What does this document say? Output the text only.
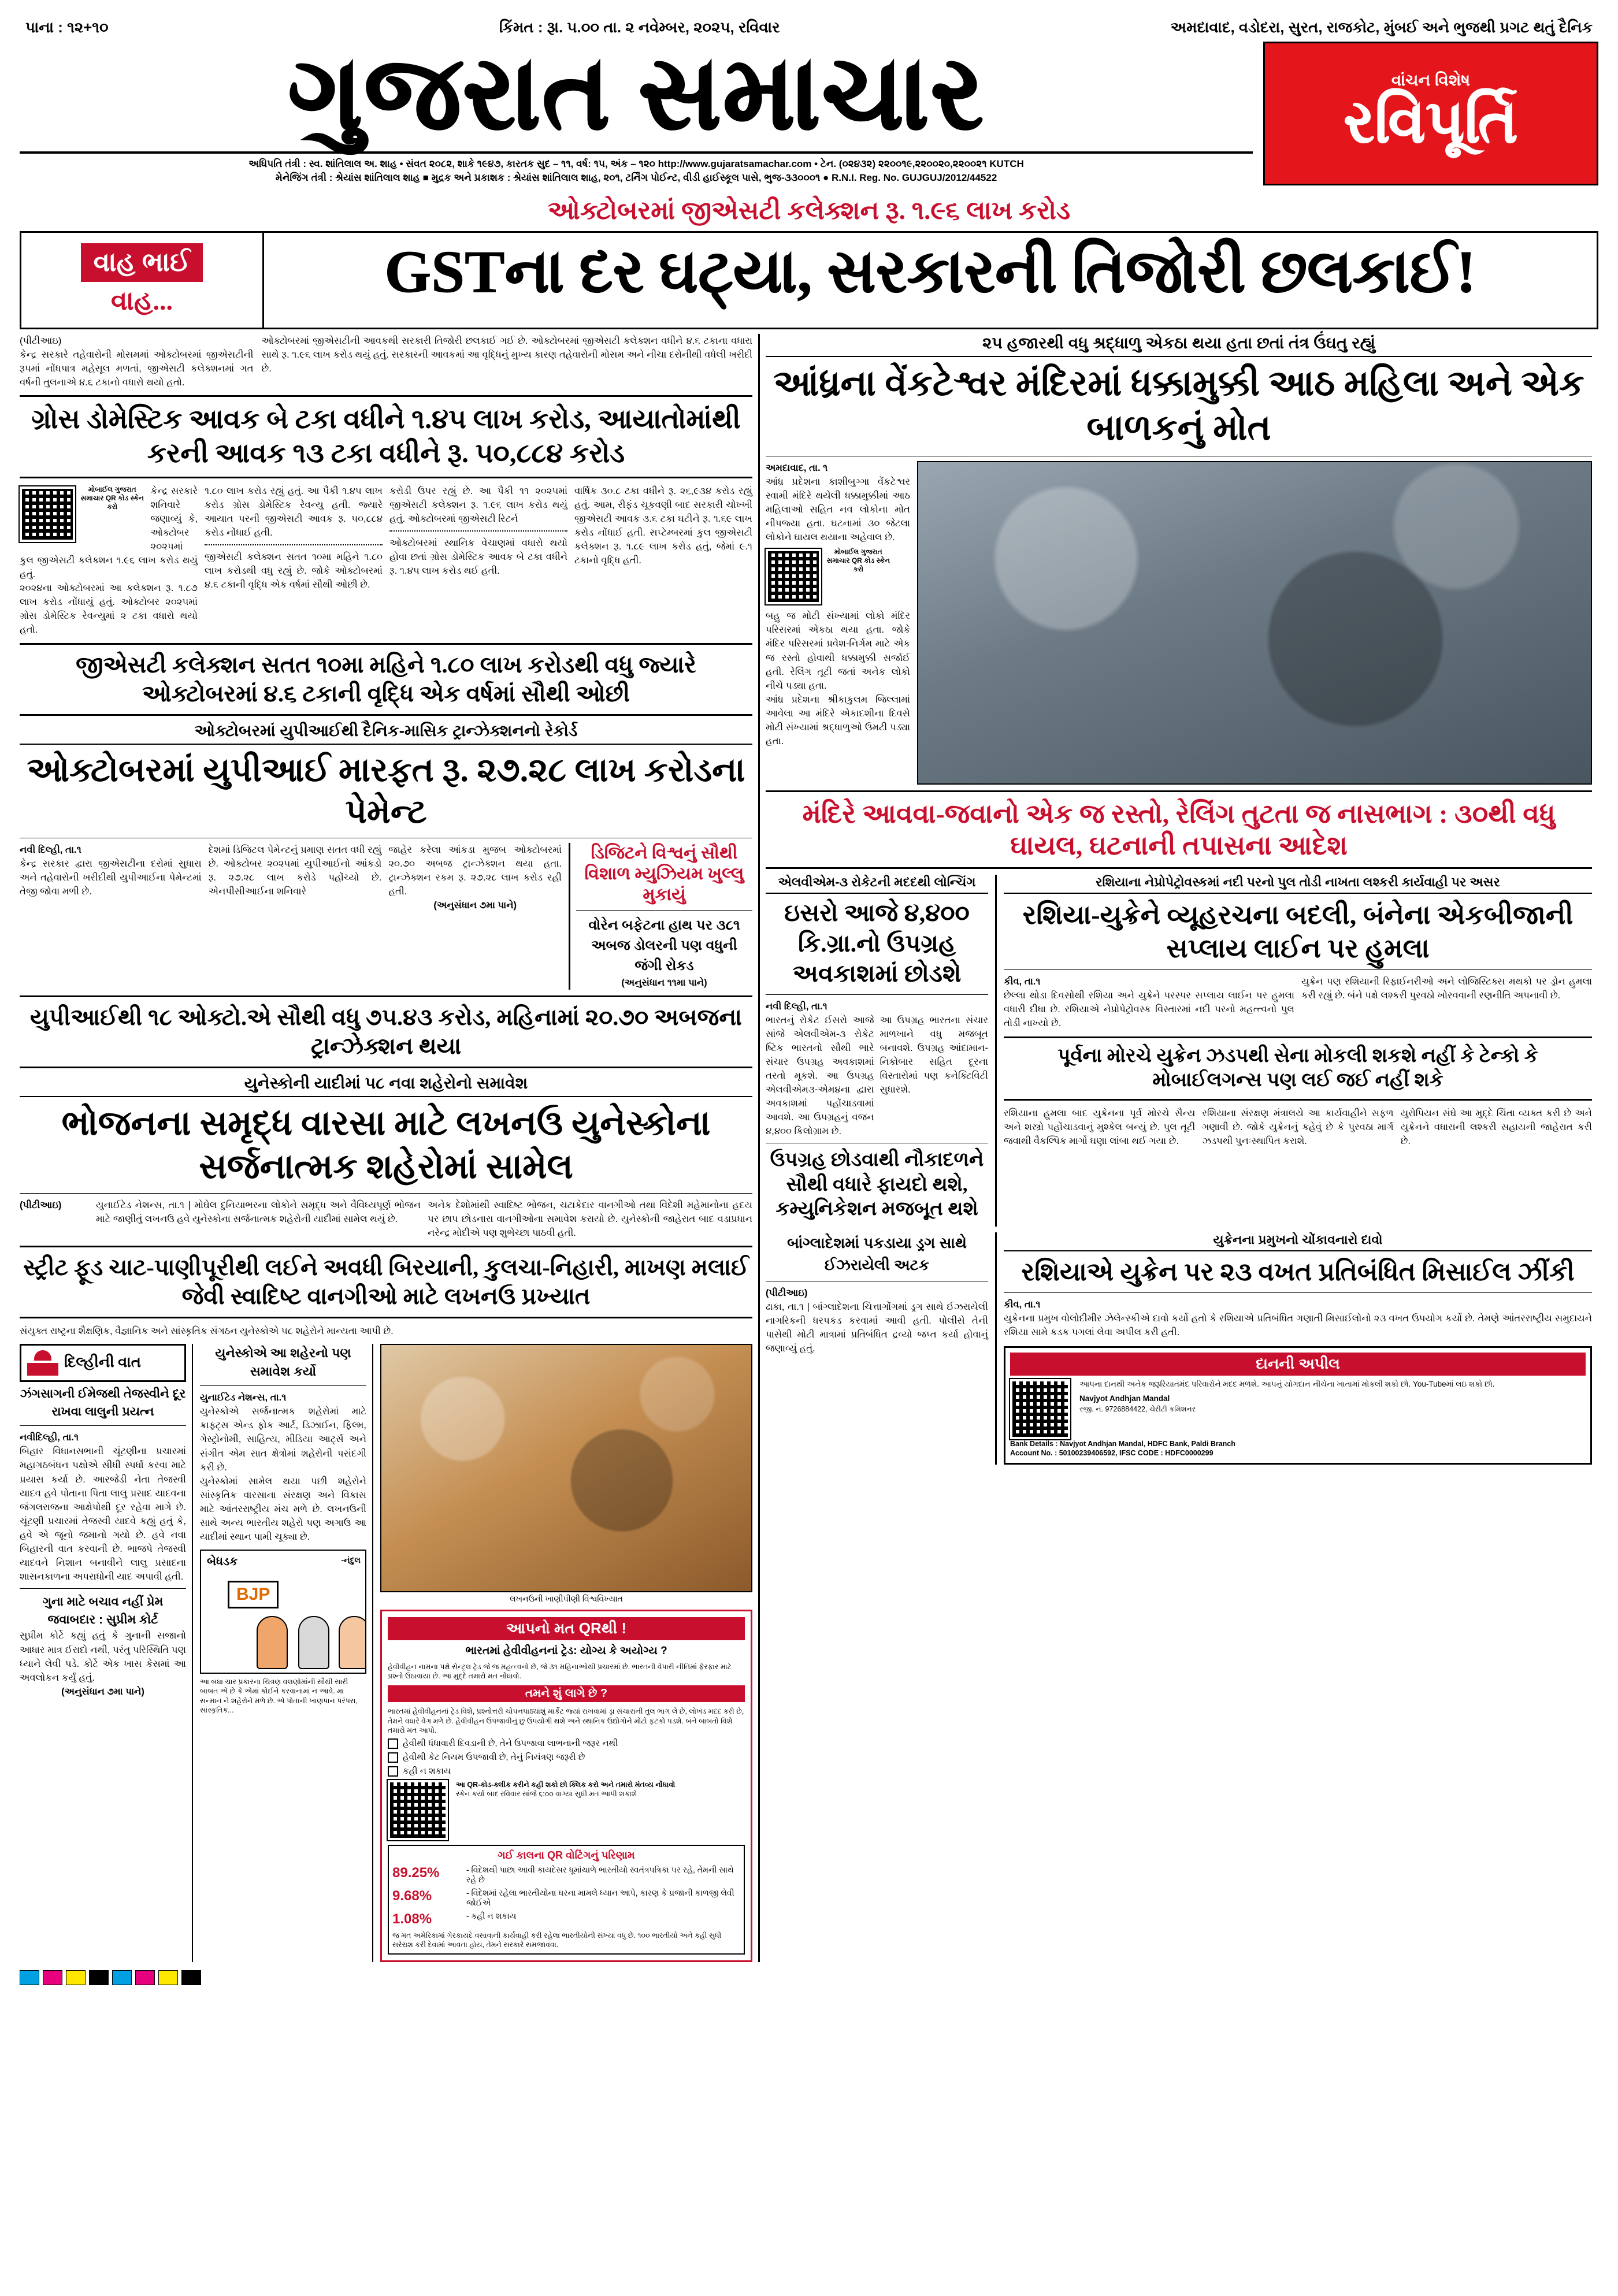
પાના : ૧૨+૧૦	કિંમત : રૂા. ૫.૦૦ તા. ૨ નવેમ્બર, ૨૦૨૫, રવિવાર	અમદાવાદ, વડોદરા, સુરત, રાજકોટ, મુંબઈ અને ભુજથી પ્રગટ થતું દૈનિક
ગુજરાત સમાચાર
અધિપતિ તંત્રી : સ્વ. શાંતિલાલ અ. શાહ • સંવત ૨૦૮૨, શાકે ૧૯૪૭, કારતક સુદ – ૧૧, વર્ષ: ૧૫, અંક – ૧૨૦ http://www.gujaratsamachar.com • ટેન. (૦૨૪૩૨) ૨૨૦૦૧૯,૨૨૦૦૨૦,૨૨૦૦૨૧ KUTCH
મેનેજિંગ તંત્રી : શ્રેયાંસ શાંતિલાલ શાહ ■ મુદ્રક અને પ્રકાશક : શ્રેયાંસ શાંતિલાલ શાહ, ૨૦૧, ટર્નિંગ પોઈન્ટ, વીડી હાઈસ્કૂલ પાસે, ભુજ-૩૩૦૦૦૧ ● R.N.I. Reg. No. GUJGUJ/2012/44522
વાંચન વિશેષ
રવિપૂર્તિ
ઓક્ટોબરમાં જીએસટી કલેક્શન રૂ. ૧.૯૬ લાખ કરોડ
વાહ ભાઈ
વાહ...	GSTના દર ઘટ્યા, સરકારની તિજોરી છલકાઈ!
(પીટીઆઇ)
કેન્દ્ર સરકારે તહેવારોની મોસમમાં ઓક્ટોબરમાં જીએસટીની રૂપમાં નોંધપાત્ર મહેસૂલ મળતાં, જીએસટી કલેક્શનમાં ગત વર્ષની તુલનાએ ૪.૬ ટકાનો વધારો થયો હતો.
ઓક્ટોબરમાં જીએસટીની આવકથી સરકારી તિજોરી છલકાઈ ગઈ છે. ઓક્ટોબરમાં જીએસટી કલેક્શન વધીને ૪.૬ ટકાના વધારા સાથે રૂ. ૧.૯૬ લાખ કરોડ થયું હતું. સરકારની આવકમાં આ વૃદ્ધિનું મુખ્ય કારણ તહેવારોની મોસમ અને નીચા દરોનીથી વધેલી ખરીદી છે.
ગ્રોસ ડોમેસ્ટિક આવક બે ટકા વધીને ૧.૪૫ લાખ કરોડ, આયાતોમાંથી કરની આવક ૧૩ ટકા વધીને રૂ. ૫૦,૮૮૪ કરોડ
મોબાઈલ ગુજરાત સમાચાર QR કોડ સ્કેન કરો
કેન્દ્ર સરકારે શનિવારે જણાવ્યું કે, ઓક્ટોબર ૨૦૨૫માં કુલ જીએસટી કલેક્શન ૧.૯૬ લાખ કરોડ થયું હતું.
૨૦૨૪ના ઓક્ટોબરમાં આ કલેક્શન રૂ. ૧.૮૭ લાખ કરોડ નોંધાયું હતું. ઓક્ટોબર ૨૦૨૫માં ગ્રોસ ડોમેસ્ટિક રેવન્યુમાં ૨ ટકા વધારો થયો હતો.
૧.૮૦ લાખ કરોડ રહ્યું હતું. આ પૈકી ૧.૪૫ લાખ કરોડ ગ્રોસ ડોમેસ્ટિક રેવન્યુ હતી. જ્યારે આયાત પરની જીએસટી આવક રૂ. ૫૦,૮૮૪ કરોડ નોંધાઈ હતી.
જીએસટી કલેક્શન સતત ૧૦મા મહિને ૧.૮૦ લાખ કરોડથી વધુ રહ્યું છે. જોકે ઓક્ટોબરમાં ૪.૬ ટકાની વૃદ્ધિ એક વર્ષમાં સૌથી ઓછી છે.
કરોડી ઉપર રહ્યું છે. આ પૈકી ૧૧ ૨૦૨૫માં જીએસટી કલેક્શન રૂ. ૧.૯૬ લાખ કરોડ થયું હતું. ઓક્ટોબરમાં જીએસટી રિટર્ન
ઓક્ટોબરમાં સ્થાનિક વેચાણમાં વધારો થયો હોવા છતાં ગ્રોસ ડોમેસ્ટિક આવક બે ટકા વધીને રૂ. ૧.૪૫ લાખ કરોડ થઈ હતી.
વાર્ષિક ૩૦.૮ ટકા વધીને રૂ. ૨૬,૯૩૪ કરોડ રહ્યું હતું. આમ, રીફંડ ચૂકવણી બાદ સરકારી ચોખ્ખી જીએસટી આવક ૩.૬ ટકા ઘટીને રૂ. ૧.૬૯ લાખ કરોડ નોંધાઈ હતી. સપ્ટેમ્બરમાં કુલ જીએસટી કલેક્શન રૂ. ૧.૮૯ લાખ કરોડ હતું, જેમાં ૯.૧ ટકાનો વૃદ્ધિ હતી.
જીએસટી કલેક્શન સતત ૧૦મા મહિને ૧.૮૦ લાખ કરોડથી વધુ જ્યારે ઓક્ટોબરમાં ૪.૬ ટકાની વૃદ્ધિ એક વર્ષમાં સૌથી ઓછી
ઓક્ટોબરમાં યુપીઆઈથી દૈનિક-માસિક ટ્રાન્ઝેક્શનનો રેકોર્ડ
ઓક્ટોબરમાં યુપીઆઈ મારફત રૂ. ૨૭.૨૮ લાખ કરોડના પેમેન્ટ
નવી દિલ્હી, તા.૧
કેન્દ્ર સરકાર દ્વારા જીએસટીના દરોમાં સુધારા અને તહેવારોની ખરીદીથી યુપીઆઈના પેમેન્ટમાં તેજી જોવા મળી છે.
દેશમાં ડિજિટલ પેમેન્ટનું પ્રમાણ સતત વધી રહ્યું છે. ઓક્ટોબર ૨૦૨૫માં યુપીઆઈનો આંકડો રૂ. ૨૭.૨૮ લાખ કરોડે પહોંચ્યો છે. એનપીસીઆઈના શનિવારે
જાહેર કરેલા આંકડા મુજબ ઓક્ટોબરમાં ૨૦.૭૦ અબજ ટ્રાન્ઝેક્શન થયા હતા. ટ્રાન્ઝેક્શન રકમ રૂ. ૨૭.૨૮ લાખ કરોડ રહી હતી.
(અનુસંધાન ૭મા પાને)
ડિજિટને વિશ્વનું સૌથી વિશાળ મ્યુઝિયમ ખુલ્લુ મુકાયું
વોરેન બફેટના હાથ પર ૩૮૧ અબજ ડોલરની પણ વધુની જંગી રોકડ
(અનુસંધાન ૧૧મા પાને)
યુપીઆઈથી ૧૮ ઓક્ટો.એ સૌથી વધુ ૭૫.૪૩ કરોડ, મહિનામાં ૨૦.૭૦ અબજના ટ્રાન્ઝેક્શન થયા
યુનેસ્કોની યાદીમાં ૫૮ નવા શહેરોનો સમાવેશ
ભોજનના સમૃદ્ધ વારસા માટે લખનઉ યુનેસ્કોના સર્જનાત્મક શહેરોમાં સામેલ
(પીટીઆઇ)	યુનાઈટેડ નેશન્સ, તા.૧ | મોઘેલ દુનિયાભરના લોકોને સમૃદ્ધ અને વૈવિધ્યપૂર્ણ ભોજન માટે જાણીતું લખનઉ હવે યુનેસ્કોના સર્જનાત્મક શહેરોની યાદીમાં સામેલ થયું છે.
અનેક દેશોમાંથી સ્વાદિષ્ટ ભોજન, ચટાકેદાર વાનગીઓ તથા વિદેશી મહેમાનોના હદય પર છાપ છોડનારા વાનગીઓના સમાવેશ કરાયો છે. યુનેસ્કોની જાહેરાત બાદ વડાપ્રધાન નરેન્દ્ર મોદીએ પણ શુભેચ્છા પાઠવી હતી.
સ્ટ્રીટ ફૂડ ચાટ-પાણીપૂરીથી લઈને અવધી બિરયાની, કુલચા-નિહારી, માખણ મલાઈ જેવી સ્વાદિષ્ટ વાનગીઓ માટે લખનઉ પ્રખ્યાત
સંયુક્ત રાષ્ટ્રના શૈક્ષણિક, વૈજ્ઞાનિક અને સાંસ્કૃતિક સંગઠન યુનેસ્કોએ ૫૮ શહેરોને માન્યતા આપી છે.
દિલ્હીની વાત
ઝંગસાગની ઈમેજથી તેજસ્વીને દૂર રાખવા લાલુની પ્રયત્ન
નવીદિલ્હી, તા.૧
બિહાર વિધાનસભાની ચૂંટણીના પ્રચારમાં મહાગઠબંધન પક્ષોએ સીધી સ્પર્ધા કરવા માટે પ્રયાસ કર્યા છે. આરજેડી નેતા તેજસ્વી યાદવ હવે પોતાના પિતા લાલુ પ્રસાદ યાદવના જંગલરાજના આક્ષેપોથી દૂર રહેવા માગે છે. ચૂંટણી પ્રચારમાં તેજસ્વી યાદવે કહ્યું હતું કે, હવે એ જૂનો જમાનો ગયો છે. હવે નવા બિહારની વાત કરવાની છે. ભાજપે તેજસ્વી યાદવને નિશાન બનાવીને લાલુ પ્રસાદના શાસનકાળના અપરાધોની યાદ અપાવી હતી.
ગુના માટે બચાવ નહીં પ્રેમ જવાબદાર : સુપ્રીમ કોર્ટ
સુપ્રીમ કોર્ટે કહ્યું હતું કે ગુનાની સજાનો આધાર માત્ર ઈરાદો નથી, પરંતુ પરિસ્થિતિ પણ ધ્યાને લેવી પડે. કોર્ટે એક ખાસ કેસમાં આ અવલોકન કર્યું હતું.
(અનુસંધાન ૭મા પાને)
યુનેસ્કોએ આ શહેરનો પણ સમાવેશ કર્યો
યુનાઈટેડ નેશન્સ, તા.૧
યુનેસ્કોએ સર્જનાત્મક શહેરોમાં માટે ક્રાફ્ટ્સ એન્ડ ફોક આર્ટ, ડિઝાઈન, ફિલ્મ, ગેસ્ટ્રોનોમી, સાહિત્ય, મીડિયા આર્ટ્સ અને સંગીત એમ સાત ક્ષેત્રોમાં શહેરોની પસંદગી કરી છે.
યુનેસ્કોમાં સામેલ થયા પછી શહેરોને સાંસ્કૃતિક વારસાના સંરક્ષણ અને વિકાસ માટે આંતરરાષ્ટ્રીય મંચ મળે છે. લખનઉની સાથે અન્ય ભારતીય શહેરો પણ અગાઉ આ યાદીમાં સ્થાન પામી ચૂક્યા છે.
બેધડક	-નંદુલ
BJP
આ બધા ચાર પ્રકારના ચિત્રણ વલણોમાંની સૌથી સારી બાબત એ છે કે એમાં કોઈને કરવાનામાં ન આવે. મા સન્માન ને શહેરોને મળે છે. એ પોતાની ખાણપાન પરંપરા, સાંસ્કૃતિક...
લખનઉની ખાણીપીણી વિશ્વવિખ્યાત
આપનો મત QRથી !
ભારતમાં હેવીવીહનનાં ટ્રેડ: યોગ્ય કે અયોગ્ય ?
હેવીવીહન નામના પક્ષે સેન્ટ્રલ ટ્રેડ જે જ મહત્ત્વનો છે, જે ૩૧ મહિનાઓથી પ્રચારમાં છે. ભારતની વેપારી નીતિમાં ફેરફાર માટે પ્રશ્નો ઉઠાવાયા છે. આ મુદ્દે તમારો મત નોંધાવો.
તમને શું લાગે છે ?
ભારતમાં હેવીવીહનનાં ટ્રેડ વિશે, પ્રશ્નોત્તરી ચોપનપાઠ્યાંશું માર્કેટ જ્યાં રાખવામાં ડ્રા સંચારાની તુલ ભાગ લે છે, લોખંડ મદદ કરી છે, તેમને વધારે વેગ મળે છે. હેવીવીહન ઉપજાવીનું છું ઉપયોગી થશે અને સ્થાનિક ઉદ્યોગોને મોટો ફટકો પડશે. બંને બાબતો વિશે તમારો મત આપો.
હેવીથી ધંધાવારી દિવડાની છે, તેને ઉપજાવા લાભનાની જરૂર નથી
હેવીથી કેટ નિયમ ઉપજાવી છે, તેનું નિયંત્રણ જરૂરી છે
કહી ન શકાય
આ QR-કોડ-ક્લીક કરીને કહી શકો છો ક્લિક કરો અને તમારો મંતવ્ય નોંધાવો
સ્કેન કર્યા બાદ રવિવાર સાંજે ૬:૦૦ વાગ્યા સુધી મત આપી શકાશે
ગઈ કાલના QR વોટિંગનું પરિણામ
89.25%	- વિદેશથી પાછા આવી કાયદેસર ધૂમાંચાળે ભારતીયો સ્વતંત્રપત્રિકા પર રહે, તેમની સાથે રહે છે
9.68%	- વિદેશમાં રહેલા ભારતીયોના ઘરના મામલે ધ્યાન આપે, કારણ કે પ્રજાની કાળજી લેવી જોઈએ
1.08%	- કહી ન શકાય
જ મત અમેરિકામાં ગેરકાયદે વસાવાની કાર્યવાહી કરી રહેલા ભારતીયોની સંખ્યા વધુ છે. ૧૦૦ ભારતીયો અને કહી સુધી સરેરાશ કરી દેવામાં આવતા હોય, તેમને સરકારે સમજાવવા.
૨૫ હજારથી વધુ શ્રદ્ધાળુ એકઠા થયા હતા છતાં તંત્ર ઉંઘતુ રહ્યું
આંધ્રના વેંકટેશ્વર મંદિરમાં ધક્કામુક્કી આઠ મહિલા અને એક બાળકનું મોત
અમદાવાદ, તા. ૧
આંધ્ર પ્રદેશના કાશીબુગ્ગા વેંકટેશ્વર સ્વામી મંદિરે થયેલી ધક્કામુક્કીમાં આઠ મહિલાઓ સહિત નવ લોકોના મોત નીપજ્યા હતા. ઘટનામાં ૩૦ જેટલા લોકોને ઘાયલ થયાના અહેવાલ છે.
મોબાઈલ ગુજરાત સમાચાર QR કોડ સ્કેન કરો
બહુ જ મોટી સંખ્યામાં લોકો મંદિર પરિસરમાં એકઠા થયા હતા. જોકે મંદિર પરિસરમાં પ્રવેશ-નિર્ગમ માટે એક જ રસ્તો હોવાથી ધક્કામુક્કી સર્જાઈ હતી. રેલિંગ તૂટી જતાં અનેક લોકો નીચે પડ્યા હતા.
આંધ્ર પ્રદેશના શ્રીકાકુલમ જિલ્લામાં આવેલા આ મંદિરે એકાદશીના દિવસે મોટી સંખ્યામાં શ્રદ્ધાળુઓ ઉમટી પડ્યા હતા.
મંદિરે આવવા-જવાનો એક જ રસ્તો, રેલિંગ તુટતા જ નાસભાગ : ૩૦થી વધુ ઘાયલ, ઘટનાની તપાસના આદેશ
એલવીએમ-૩ રોકેટની મદદથી લોન્ચિંગ
ઇસરો આજે ૪,૪૦૦ કિ.ગ્રા.નો ઉપગ્રહ અવકાશમાં છોડશે
નવી દિલ્હી, તા.૧
ભારતનું રોકેટ ઈસરો આજે સાંજે એલવીએમ-૩ રોકેટ ષ્ટિક ભારતનો સૌથી ભારે સંચાર ઉપગ્રહ અવકાશમાં તરતો મૂકશે. આ ઉપગ્રહ એલવીએમ૩-એમ૪ના દ્વારા અવકાશમાં પહોંચાડવામાં આવશે. આ ઉપગ્રહનું વજન ૪,૪૦૦ કિલોગ્રામ છે.
આ ઉપગ્રહ ભારતના સંચાર માળખાને વધુ મજબૂત બનાવશે. ઉપગ્રહ આંદામાન-નિકોબાર સહિત દૂરના વિસ્તારોમાં પણ કનેક્ટિવિટી સુધારશે.
ઉપગ્રહ છોડવાથી નૌકાદળને સૌથી વધારે ફાયદો થશે, કમ્યુનિકેશન મજબૂત થશે
રશિયાના નેપ્રોપેટ્રોવસ્કમાં નદી પરનો પુલ તોડી નાખતા લશ્કરી કાર્યવાહી પર અસર
રશિયા-યુક્રેને વ્યૂહરચના બદલી, બંનેના એકબીજાની સપ્લાય લાઈન પર હુમલા
કીવ, તા.૧
છેલ્લા થોડા દિવસોથી રશિયા અને યુક્રેને પરસ્પર સપ્લાય લાઈન પર હુમલા વધારી દીધા છે. રશિયાએ નેપ્રોપેટ્રોવસ્ક વિસ્તારમાં નદી પરનો મહત્ત્વનો પુલ તોડી નાખ્યો છે.
યુક્રેન પણ રશિયાની રિફાઈનરીઓ અને લોજિસ્ટિક્સ મથકો પર ડ્રોન હુમલા કરી રહ્યું છે. બંને પક્ષે લશ્કરી પુરવઠો ખોરવવાની રણનીતિ અપનાવી છે.
પૂર્વના મોરચે યુક્રેન ઝડપથી સેના મોકલી શકશે નહીં કે ટેન્કો કે મોબાઈલગન્સ પણ લઈ જઈ નહીં શકે
રશિયાના હુમલા બાદ યુક્રેનના પૂર્વ મોરચે સૈન્ય અને શસ્ત્રો પહોંચાડવાનું મુશ્કેલ બન્યું છે. પુલ તૂટી જવાથી વૈકલ્પિક માર્ગો ઘણા લાંબા થઈ ગયા છે.
રશિયાના સંરક્ષણ મંત્રાલયે આ કાર્યવાહીને સફળ ગણાવી છે. જોકે યુક્રેનનું કહેવું છે કે પુરવઠા માર્ગ ઝડપથી પુનઃસ્થાપિત કરાશે.
યુરોપિયન સંઘે આ મુદ્દે ચિંતા વ્યક્ત કરી છે અને યુક્રેનને વધારાની લશ્કરી સહાયની જાહેરાત કરી છે.
બાંગ્લાદેશમાં પકડાયા ડ્રગ સાથે ઈઝરાયેલી અટક
(પીટીઆઇ)
ઢાકા, તા.૧ | બાંગ્લાદેશના ચિત્તાગોંગમાં ડ્રગ સાથે ઈઝરાયેલી નાગરિકની ધરપકડ કરવામાં આવી હતી. પોલીસે તેની પાસેથી મોટી માત્રામાં પ્રતિબંધિત દ્રવ્યો જપ્ત કર્યા હોવાનું જણાવ્યું હતું.
યુક્રેનના પ્રમુખનો ચોંકાવનારો દાવો
રશિયાએ યુક્રેન પર ૨૩ વખત પ્રતિબંધિત મિસાઈલ ઝીંકી
કીવ, તા.૧
યુક્રેનના પ્રમુખ વોલોદીમીર ઝેલેન્સ્કીએ દાવો કર્યો હતો કે રશિયાએ પ્રતિબંધિત ગણાતી મિસાઈલોનો ૨૩ વખત ઉપયોગ કર્યો છે. તેમણે આંતરરાષ્ટ્રીય સમુદાયને રશિયા સામે કડક પગલાં લેવા અપીલ કરી હતી.
દાનની અપીલ
આપના દાનથી અનેક જરૂરિયાતમંદ પરિવારોને મદદ મળશે. આપનું યોગદાન નીચેના ખાતામાં મોકલી શકો છો. You-Tubeમાં લઇ શકો છો.
Navjyot Andhjan Mandal
રજી. નં. 9726884422, ચેરીટી કમિશનર
Bank Details : Navjyot Andhjan Mandal, HDFC Bank, Paldi Branch
Account No. : 50100239406592, IFSC CODE : HDFC0000299
